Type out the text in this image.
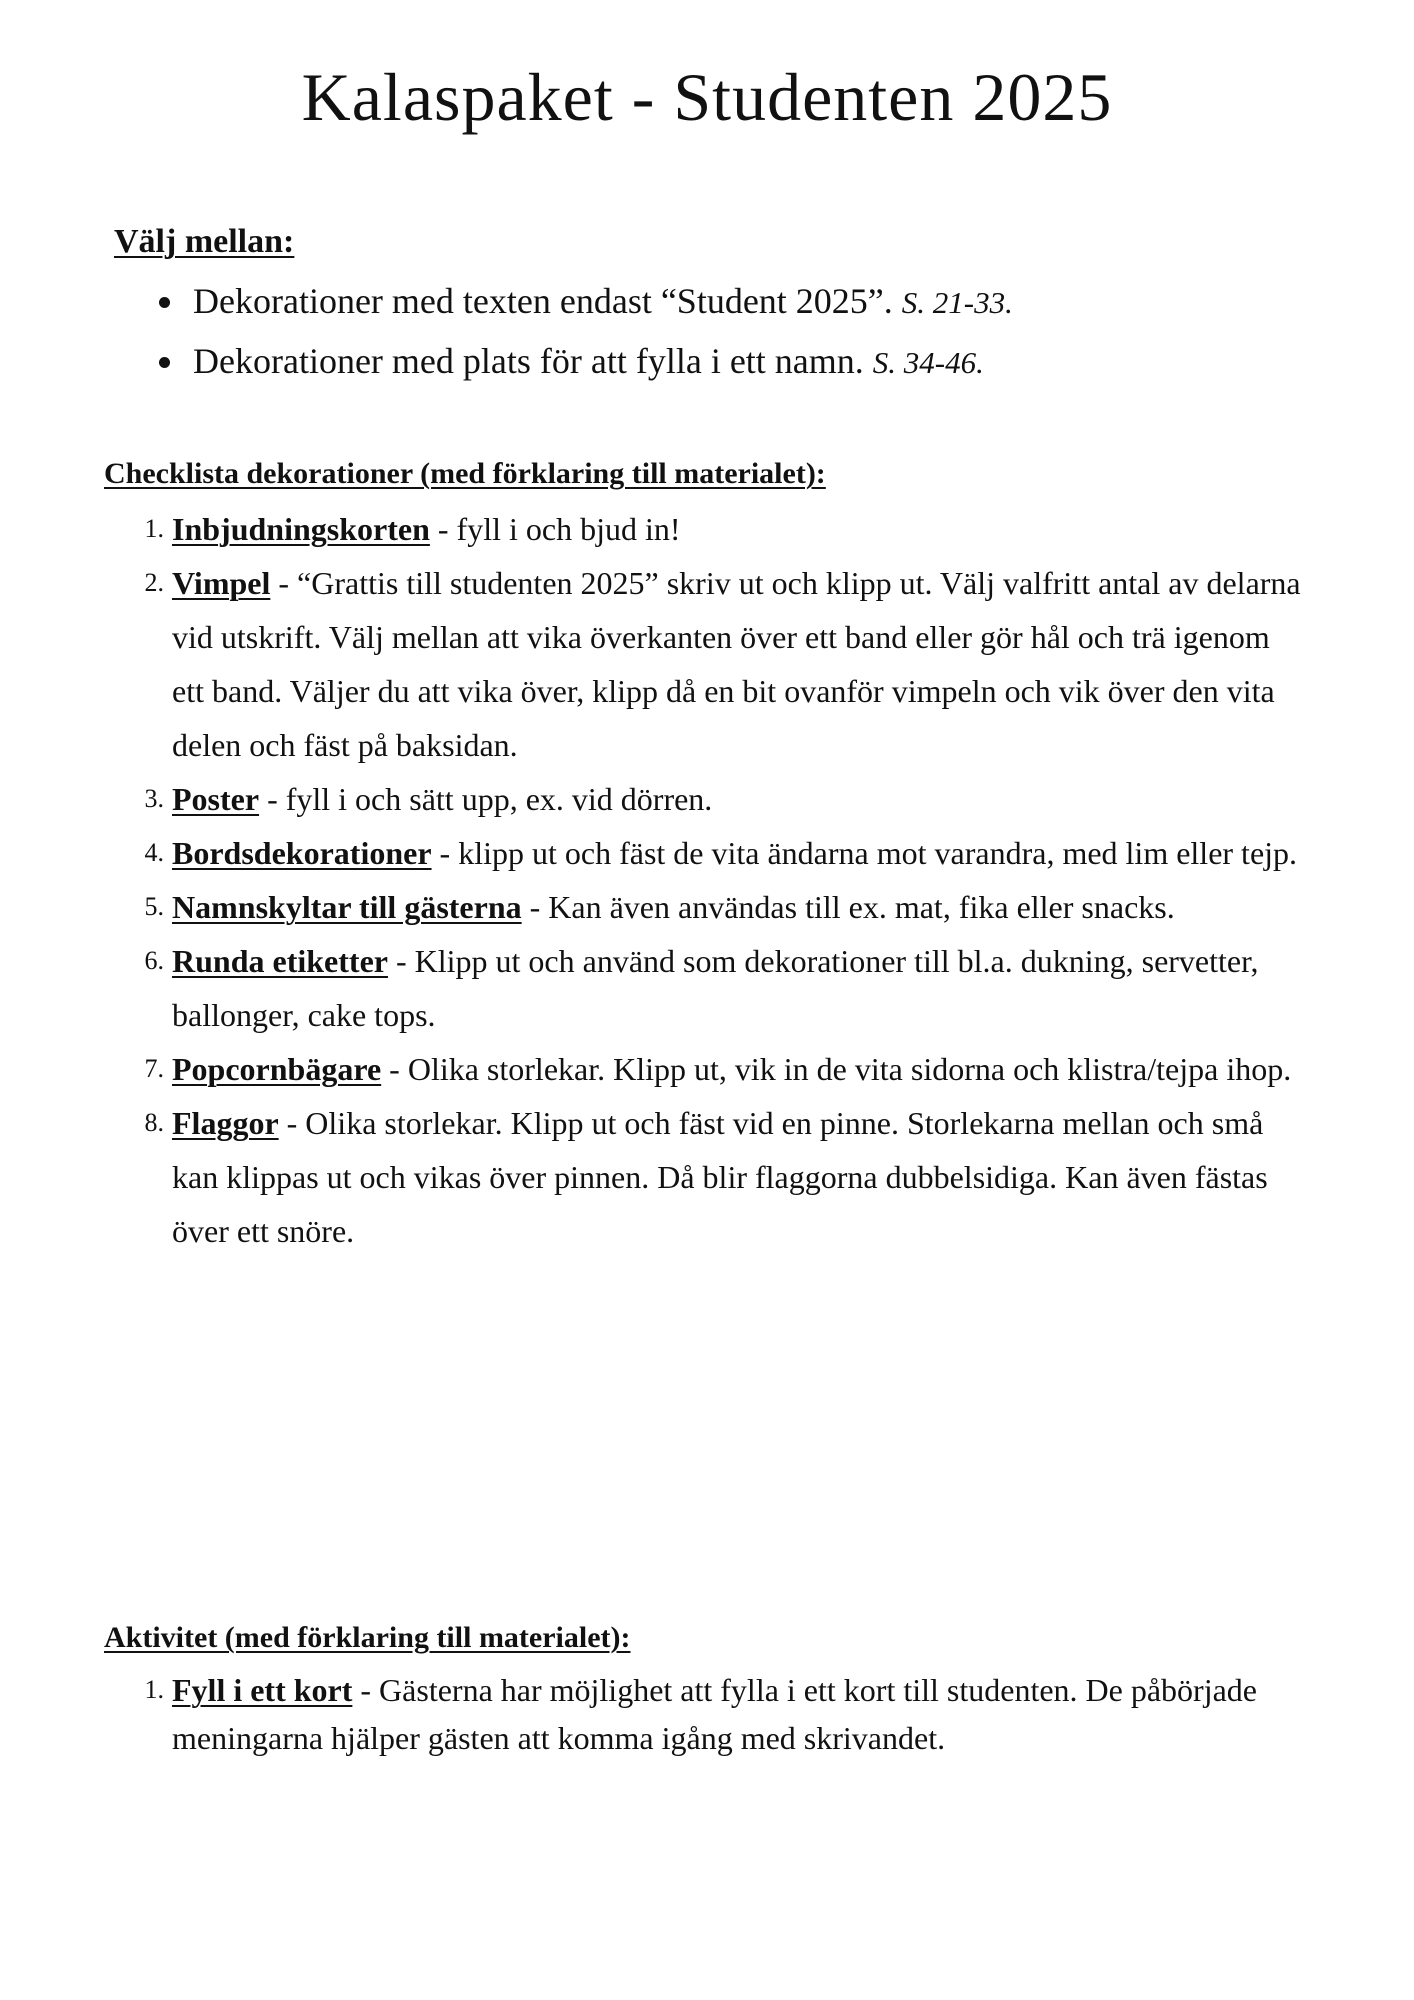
Kalaspaket - Studenten 2025

Välj mellan:

• Dekorationer med texten endast “Student 2025”. S. 21-33.
• Dekorationer med plats för att fylla i ett namn. S. 34-46.

Checklista dekorationer (med förklaring till materialet):

1. Inbjudningskorten - fyll i och bjud in!
2. Vimpel - “Grattis till studenten 2025” skriv ut och klipp ut. Välj valfritt antal av delarna vid utskrift. Välj mellan att vika överkanten över ett band eller gör hål och trä igenom ett band. Väljer du att vika över, klipp då en bit ovanför vimpeln och vik över den vita delen och fäst på baksidan.
3. Poster - fyll i och sätt upp, ex. vid dörren.
4. Bordsdekorationer - klipp ut och fäst de vita ändarna mot varandra, med lim eller tejp.
5. Namnskyltar till gästerna - Kan även användas till ex. mat, fika eller snacks.
6. Runda etiketter - Klipp ut och använd som dekorationer till bl.a. dukning, servetter, ballonger, cake tops.
7. Popcornbägare - Olika storlekar. Klipp ut, vik in de vita sidorna och klistra/tejpa ihop.
8. Flaggor - Olika storlekar. Klipp ut och fäst vid en pinne. Storlekarna mellan och små kan klippas ut och vikas över pinnen. Då blir flaggorna dubbelsidiga. Kan även fästas över ett snöre.

Aktivitet (med förklaring till materialet):

1. Fyll i ett kort - Gästerna har möjlighet att fylla i ett kort till studenten. De påbörjade meningarna hjälper gästen att komma igång med skrivandet.
